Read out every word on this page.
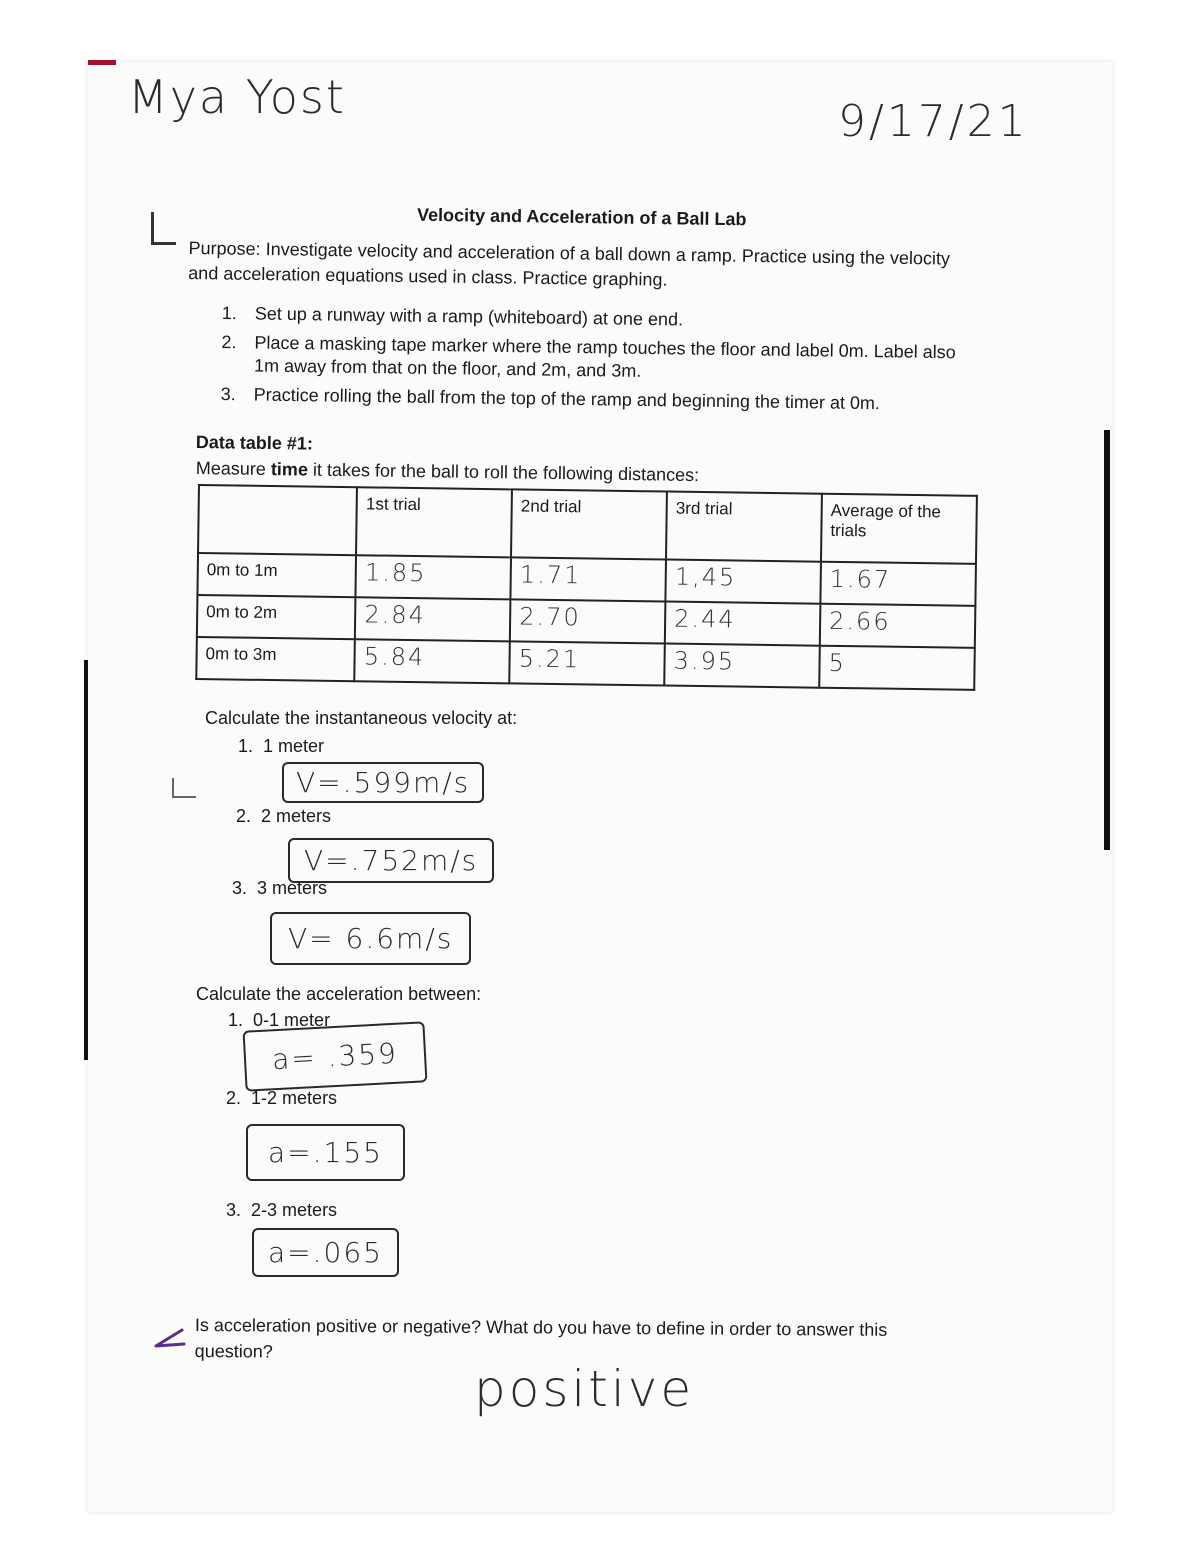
Mya Yost	9/17/21
Velocity and Acceleration of a Ball Lab
Purpose: Investigate velocity and acceleration of a ball down a ramp. Practice using the velocity and acceleration equations used in class. Practice graphing.
1. Set up a runway with a ramp (whiteboard) at one end.
2. Place a masking tape marker where the ramp touches the floor and label 0m. Label also 1m away from that on the floor, and 2m, and 3m.
3. Practice rolling the ball from the top of the ramp and beginning the timer at 0m.
Data table #1:
Measure time it takes for the ball to roll the following distances:
	1st trial	2nd trial	3rd trial	Average of the trials
0m to 1m	1.85	1.71	1,45	1.67
0m to 2m	2.84	2.70	2.44	2.66
0m to 3m	5.84	5.21	3.95	5
Calculate the instantaneous velocity at:
1. 1 meter
V=.599m/s
2. 2 meters
V=.752m/s
3. 3 meters
V= 6.6m/s
Calculate the acceleration between:
1. 0-1 meter
a= .359
2. 1-2 meters
a=.155
3. 2-3 meters
a=.065
Is acceleration positive or negative? What do you have to define in order to answer this question?
positive
